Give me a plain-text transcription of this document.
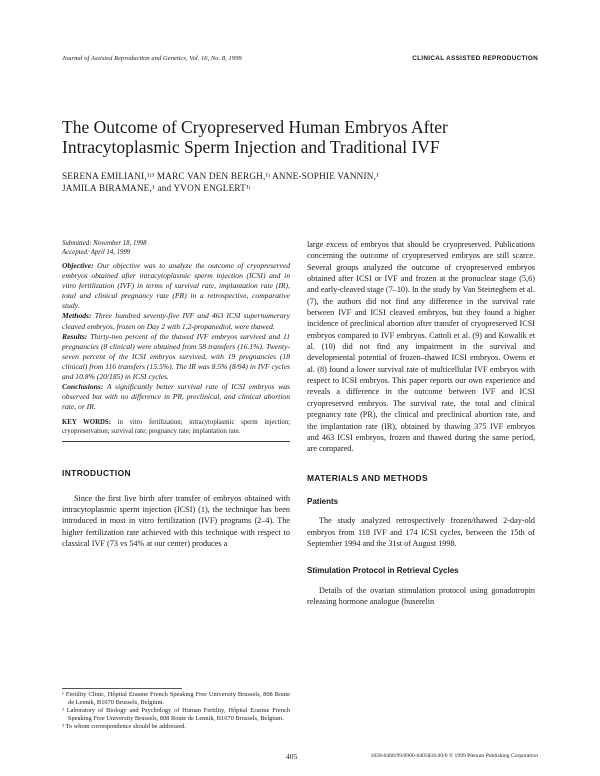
Journal of Assisted Reproduction and Genetics, Vol. 16, No. 8, 1999	CLINICAL ASSISTED REPRODUCTION
The Outcome of Cryopreserved Human Embryos After
Intracytoplasmic Sperm Injection and Traditional IVF
SERENA EMILIANI,¹ʲ³ MARC VAN DEN BERGH,¹ʲ ANNE-SOPHIE VANNIN,¹
JAMILA BIRAMANE,¹ and YVON ENGLERT¹ʲ
Submitted: November 18, 1998
Accepted: April 14, 1999

Objective: Our objective was to analyze the outcome of cryopreserved embryos obtained after intracytoplasmic sperm injection (ICSI) and in vitro fertilization (IVF) in terms of survival rate, implantation rate (IR), total and clinical pregnancy rate (PR) in a retrospective, comparative study.

Methods: Three hundred seventy-five IVF and 463 ICSI supernumerary cleaved embryos, frozen on Day 2 with 1,2-propanediol, were thawed.

Results: Thirty-two percent of the thawed IVF embryos survived and 11 pregnancies (8 clinical) were obtained from 58 transfers (16.1%). Twenty-seven percent of the ICSI embryos survived, with 19 pregnancies (18 clinical) from 116 transfers (15.5%). The IR was 8.5% (8/94) in IVF cycles and 10.8% (20/185) in ICSI cycles.

Conclusions: A significantly better survival rate of ICSI embryos was observed but with no difference in PR, preclinical, and clinical abortion rate, or IR.

KEY WORDS: in vitro fertilization; intracytoplasmic sperm injection; cryopreservation; survival rate; pregnancy rate; implantation rate.
INTRODUCTION
Since the first live birth after transfer of embryos obtained with intracytoplasmic sperm injection (ICSI) (1), the technique has been introduced in most in vitro fertilization (IVF) programs (2–4). The higher fertilization rate achieved with this technique with respect to classical IVF (73 vs 54% at our center) produces a

¹ Fertility Clinic, Hôpital Erasme French Speaking Free University Brussels, 808 Route de Lennik, B1070 Brussels, Belgium.

² Laboratory of Biology and Psychology of Human Fertility, Hôpital Erasme French Speaking Free University Brussels, 808 Route de Lennik, B1070 Brussels, Belgium.

³ To whom correspondence should be addressed.

large excess of embryos that should be cryopreserved. Publications concerning the outcome of cryopreserved embryos are still scarce. Several groups analyzed the outcome of cryopreserved embryos obtained after ICSI or IVF and frozen at the pronuclear stage (5,6) and early-cleaved stage (7–10). In the study by Van Steirteghem et al. (7), the authors did not find any difference in the survival rate between IVF and ICSI cleaved embryos, but they found a higher incidence of preclinical abortion after transfer of cryopreserved ICSI embryos compared to IVF embryos. Cattoli et al. (9) and Kowalik et al. (10) did not find any impairment in the survival and developmental potential of frozen–thawed ICSI embryos. Owens et al. (8) found a lower survival rate of multicellular IVF embryos with respect to ICSI embryos. This paper reports our own experience and reveals a difference in the outcome between IVF and ICSI cryopreserved embryos. The survival rate, the total and clinical pregnancy rate (PR), the clinical and preclinical abortion rate, and the implantation rate (IR), obtained by thawing 375 IVF embryos and 463 ICSI embryos, frozen and thawed during the same period, are compared.
MATERIALS AND METHODS
Patients
The study analyzed retrospectively frozen/thawed 2-day-old embryos from 118 IVF and 174 ICSI cycles, between the 15th of September 1994 and the 31st of August 1998.
Stimulation Protocol in Retrieval Cycles
Details of the ovarian stimulation protocol using gonadotropin releasing hormone analogue (buserelin
405	1058-0468/99/0900-0405$16.00/0 © 1999 Plenum Publishing Corporation
